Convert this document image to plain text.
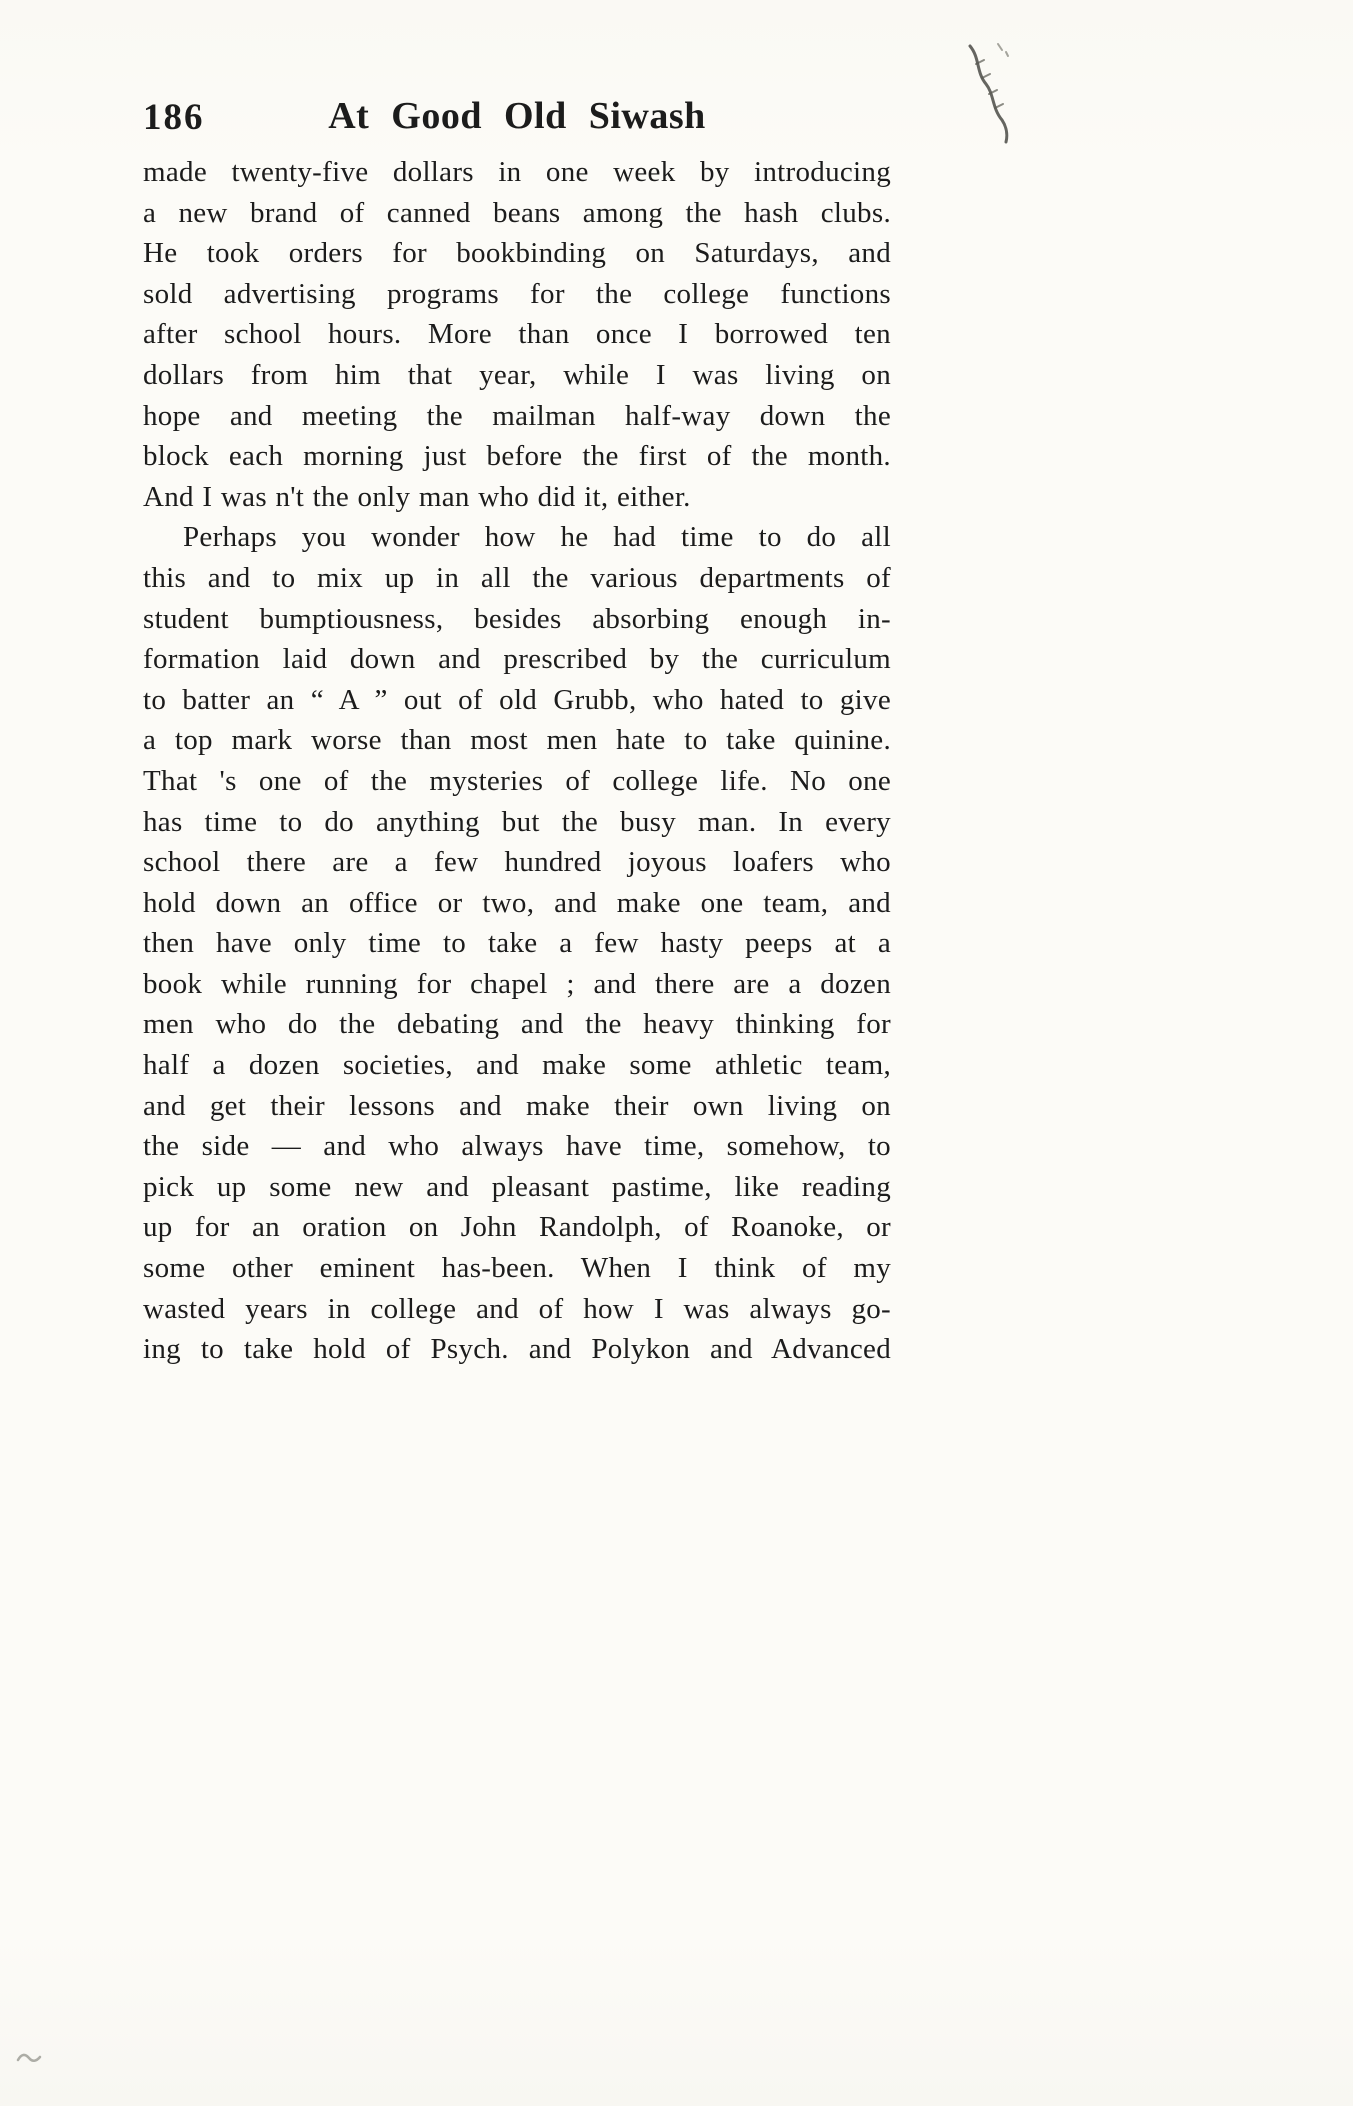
186	At Good Old Siwash
made twenty-five dollars in one week by introducing
a new brand of canned beans among the hash clubs.
He took orders for bookbinding on Saturdays, and
sold advertising programs for the college functions
after school hours. More than once I borrowed ten
dollars from him that year, while I was living on
hope and meeting the mailman half-way down the
block each morning just before the first of the month.
And I was n't the only man who did it, either.
Perhaps you wonder how he had time to do all
this and to mix up in all the various departments of
student bumptiousness, besides absorbing enough in-
formation laid down and prescribed by the curriculum
to batter an “ A ” out of old Grubb, who hated to give
a top mark worse than most men hate to take quinine.
That 's one of the mysteries of college life. No one
has time to do anything but the busy man. In every
school there are a few hundred joyous loafers who
hold down an office or two, and make one team, and
then have only time to take a few hasty peeps at a
book while running for chapel ; and there are a dozen
men who do the debating and the heavy thinking for
half a dozen societies, and make some athletic team,
and get their lessons and make their own living on
the side — and who always have time, somehow, to
pick up some new and pleasant pastime, like reading
up for an oration on John Randolph, of Roanoke, or
some other eminent has-been. When I think of my
wasted years in college and of how I was always go-
ing to take hold of Psych. and Polykon and Advanced
